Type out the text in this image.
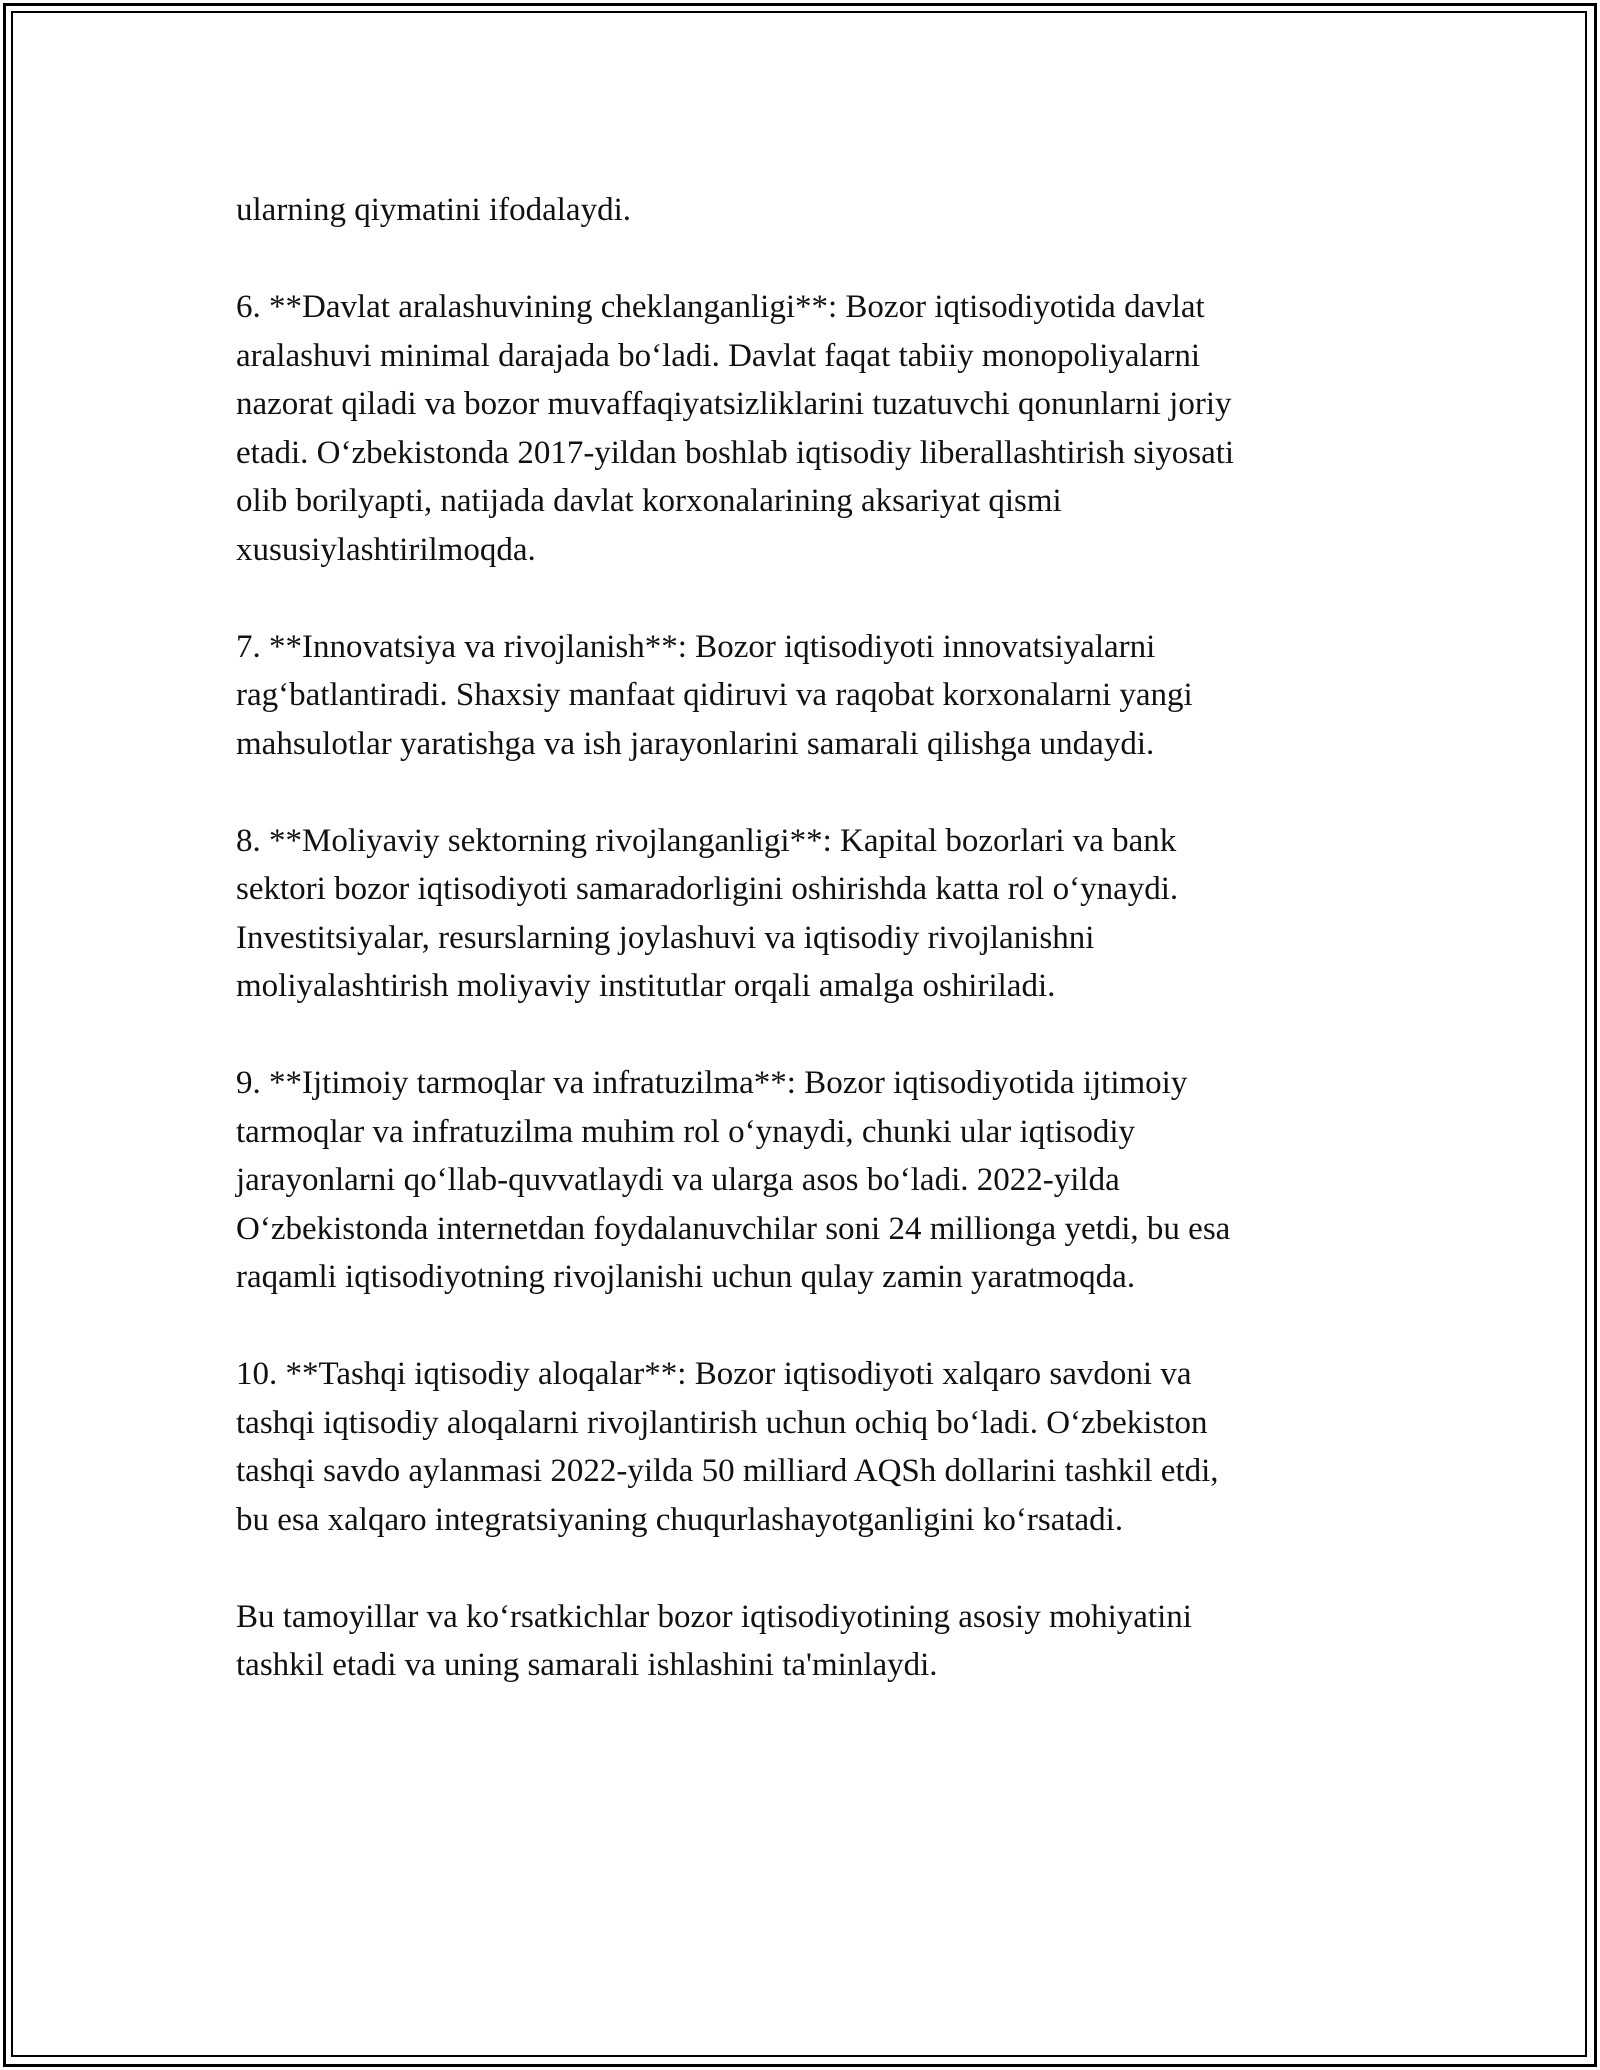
ularning qiymatini ifodalaydi.

6. **Davlat aralashuvining cheklanganligi**: Bozor iqtisodiyotida davlat
aralashuvi minimal darajada bo‘ladi. Davlat faqat tabiiy monopoliyalarni
nazorat qiladi va bozor muvaffaqiyatsizliklarini tuzatuvchi qonunlarni joriy
etadi. O‘zbekistonda 2017-yildan boshlab iqtisodiy liberallashtirish siyosati
olib borilyapti, natijada davlat korxonalarining aksariyat qismi
xususiylashtirilmoqda.

7. **Innovatsiya va rivojlanish**: Bozor iqtisodiyoti innovatsiyalarni
rag‘batlantiradi. Shaxsiy manfaat qidiruvi va raqobat korxonalarni yangi
mahsulotlar yaratishga va ish jarayonlarini samarali qilishga undaydi.

8. **Moliyaviy sektorning rivojlanganligi**: Kapital bozorlari va bank
sektori bozor iqtisodiyoti samaradorligini oshirishda katta rol o‘ynaydi.
Investitsiyalar, resurslarning joylashuvi va iqtisodiy rivojlanishni
moliyalashtirish moliyaviy institutlar orqali amalga oshiriladi.

9. **Ijtimoiy tarmoqlar va infratuzilma**: Bozor iqtisodiyotida ijtimoiy
tarmoqlar va infratuzilma muhim rol o‘ynaydi, chunki ular iqtisodiy
jarayonlarni qo‘llab-quvvatlaydi va ularga asos bo‘ladi. 2022-yilda
O‘zbekistonda internetdan foydalanuvchilar soni 24 millionga yetdi, bu esa
raqamli iqtisodiyotning rivojlanishi uchun qulay zamin yaratmoqda.

10. **Tashqi iqtisodiy aloqalar**: Bozor iqtisodiyoti xalqaro savdoni va
tashqi iqtisodiy aloqalarni rivojlantirish uchun ochiq bo‘ladi. O‘zbekiston
tashqi savdo aylanmasi 2022-yilda 50 milliard AQSh dollarini tashkil etdi,
bu esa xalqaro integratsiyaning chuqurlashayotganligini ko‘rsatadi.

Bu tamoyillar va ko‘rsatkichlar bozor iqtisodiyotining asosiy mohiyatini
tashkil etadi va uning samarali ishlashini ta'minlaydi.
